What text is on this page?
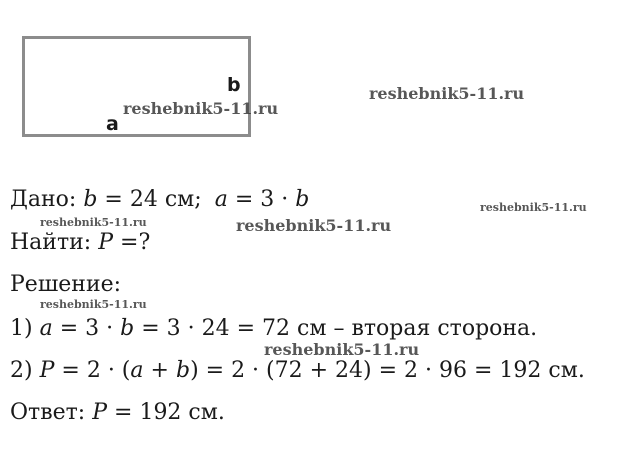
b
a
reshebnik5-11.ru
reshebnik5-11.ru
reshebnik5-11.ru
reshebnik5-11.ru	reshebnik5-11.ru
reshebnik5-11.ru
reshebnik5-11.ru
Дано: b = 24 см; a = 3 · b
Найти: P =?
Решение:
1) a = 3 · b = 3 · 24 = 72 см – вторая сторона.
2) P = 2 · (a + b) = 2 · (72 + 24) = 2 · 96 = 192 см.
Ответ: P = 192 см.
